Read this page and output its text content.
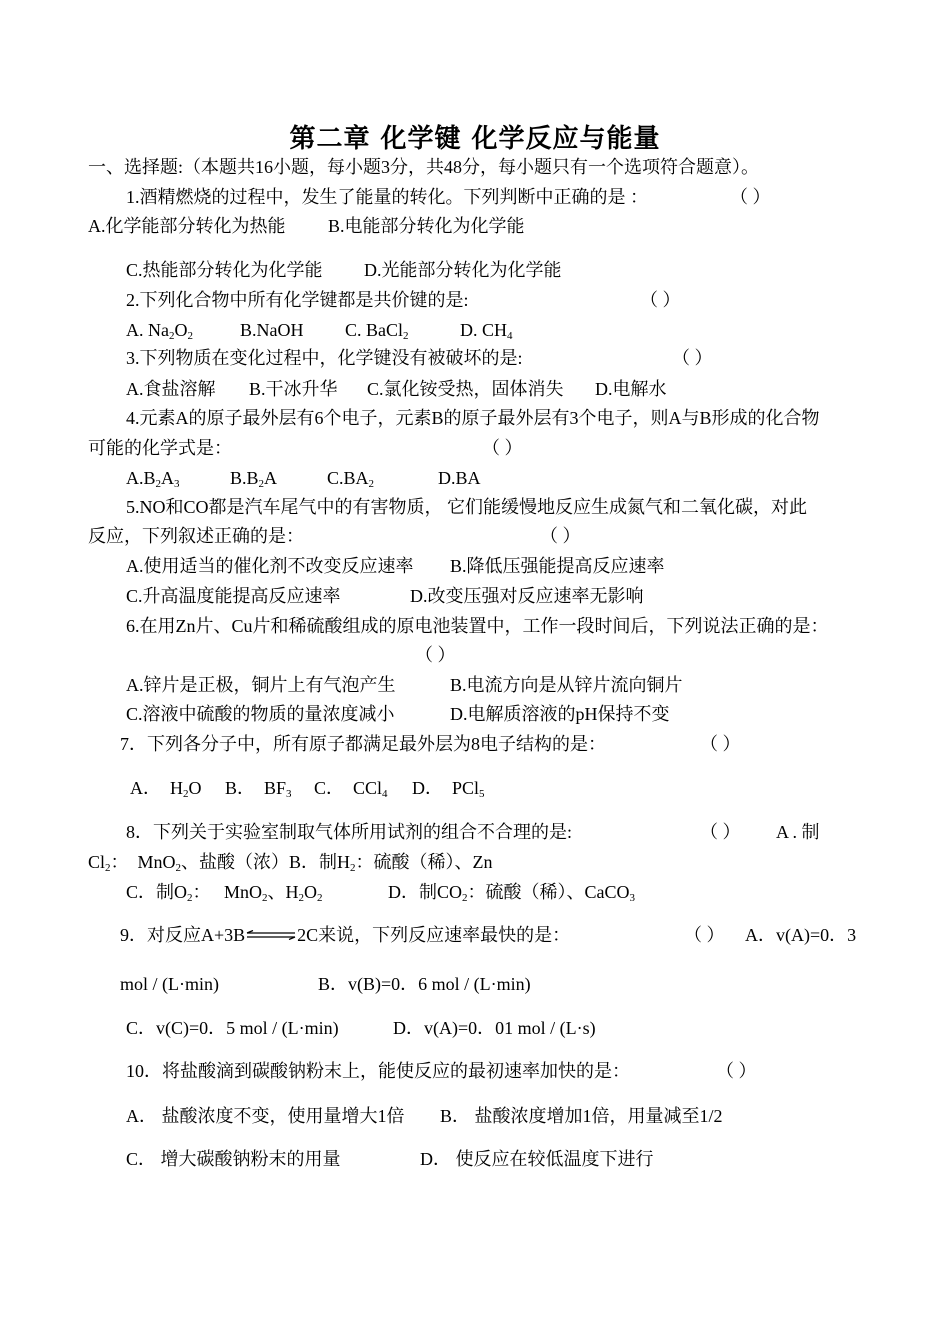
第二章 化学键 化学反应与能量
一、选择题:（本题共16小题，每小题3分，共48分，每小题只有一个选项符合题意）。
1.酒精燃烧的过程中，发生了能量的转化。下列判断中正确的是 ：	（ ）
A.化学能部分转化为热能 B.电能部分转化为化学能
C.热能部分转化为化学能 D.光能部分转化为化学能
2.下列化合物中所有化学键都是共价键的是:	（ ）
A. $Na_2O_2$	B.NaOH C. BaCl$_2$	D. $CH_4$
3.下列物质在变化过程中，化学键没有被破坏的是:	（ ）
A.食盐溶解 B.干冰升华 C.氯化铵受热，固体消失 D.电解水
4.元素A的原子最外层有6个电子，元素B的原子最外层有3个电子，则A与B形成的化合物
可能的化学式是：	（ ）
$A.B_2A_3$	$B.B_2A$	$C.BA_2$	D.BA
5.NO和CO都是汽车尾气中的有害物质， 它们能缓慢地反应生成氮气和二氧化碳，对此
反应，下列叙述正确的是：	（ ）
A.使用适当的催化剂不改变反应速率 B.降低压强能提高反应速率
C.升高温度能提高反应速率	D.改变压强对反应速率无影响
6.在用Zn片、Cu片和稀硫酸组成的原电池装置中，工作一段时间后，下列说法正确的是：
（ ）
A.锌片是正极，铜片上有气泡产生	B.电流方向是从锌片流向铜片
C.溶液中硫酸的物质的量浓度减小	D.电解质溶液的pH保持不变
7．下列各分子中，所有原子都满足最外层为8电子结构的是：	（ ）
A．  $H_2O$ B．  $BF_3$ C．  CCl$_4$ D．  PCl$_5$
8．下列关于实验室制取气体所用试剂的组合不合理的是:	（ ） A . 制
$Cl_2$：  MnO$_2$、盐酸（浓）B．制$H_2$：硫酸（稀）、Zn
C．制$O_2$：   MnO$_2$、$H_2O_2$	D．制$CO_2$：硫酸（稀）、CaCO$_3$
9．对反应A+3B⇌2C来说，下列反应速率最快的是：	（ ） A．v(A)=0．3
mol / (L·min)	B．v(B)=0．6 mol / (L·min)
C．v(C)=0．5 mol / (L·min)	D．v(A)=0．01 mol / (L·s)
10．将盐酸滴到碳酸钠粉末上，能使反应的最初速率加快的是：	（ ）
A． 盐酸浓度不变，使用量增大1倍 B． 盐酸浓度增加1倍，用量减至1/2
C． 增大碳酸钠粉末的用量	D． 使反应在较低温度下进行
